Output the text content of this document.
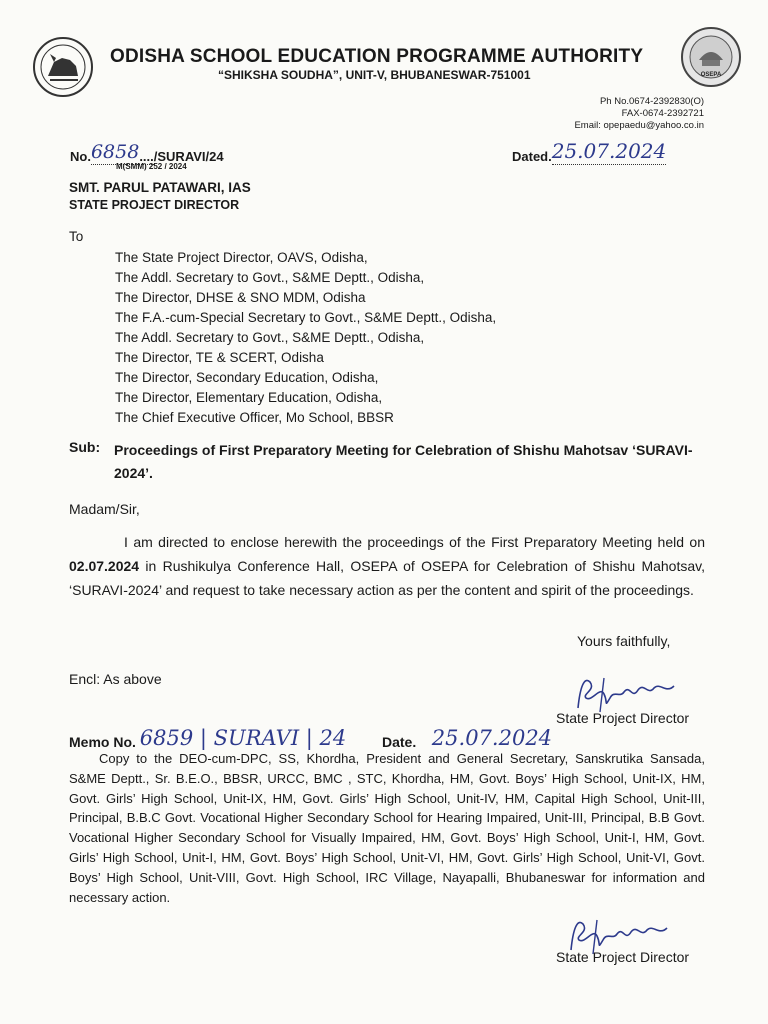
ODISHA SCHOOL EDUCATION PROGRAMME AUTHORITY
“SHIKSHA SOUDHA”, UNIT-V, BHUBANESWAR-751001	OSEPA
Ph No.0674-2392830(O)
FAX-0674-2392721
Email: opepaedu@yahoo.co.in
No.6858..../SURAVI/24
M(SMM) 252 / 2024
Dated.25.07.2024
SMT. PARUL PATAWARI, IAS
STATE PROJECT DIRECTOR
To
The State Project Director, OAVS, Odisha,
The Addl. Secretary to Govt., S&ME Deptt., Odisha,
The Director, DHSE & SNO MDM, Odisha
The F.A.-cum-Special Secretary to Govt., S&ME Deptt., Odisha,
The Addl. Secretary to Govt., S&ME Deptt., Odisha,
The Director, TE & SCERT, Odisha
The Director, Secondary Education, Odisha,
The Director, Elementary Education, Odisha,
The Chief Executive Officer, Mo School, BBSR
Sub: Proceedings of First Preparatory Meeting for Celebration of Shishu Mahotsav ‘SURAVI-2024’.
Madam/Sir,
I am directed to enclose herewith the proceedings of the First Preparatory Meeting held on 02.07.2024 in Rushikulya Conference Hall, OSEPA of OSEPA for Celebration of Shishu Mahotsav, ‘SURAVI-2024’ and request to take necessary action as per the content and spirit of the proceedings.
Yours faithfully,
Encl: As above
State Project Director
Memo No. 6859 | SURAVI | 24	Date. 25.07.2024
Copy to the DEO-cum-DPC, SS, Khordha, President and General Secretary, Sanskrutika Sansada, S&ME Deptt., Sr. B.E.O., BBSR, URCC, BMC , STC, Khordha, HM, Govt. Boys’ High School, Unit-IX, HM, Govt. Girls’ High School, Unit-IX, HM, Govt. Girls’ High School, Unit-IV, HM, Capital High School, Unit-III, Principal, B.B.C Govt. Vocational Higher Secondary School for Hearing Impaired, Unit-III, Principal, B.B Govt. Vocational Higher Secondary School for Visually Impaired, HM, Govt. Boys’ High School, Unit-I, HM, Govt. Girls’ High School, Unit-I, HM, Govt. Boys’ High School, Unit-VI, HM, Govt. Girls’ High School, Unit-VI, Govt. Boys’ High School, Unit-VIII, Govt. High School, IRC Village, Nayapalli, Bhubaneswar for information and necessary action.
State Project Director
